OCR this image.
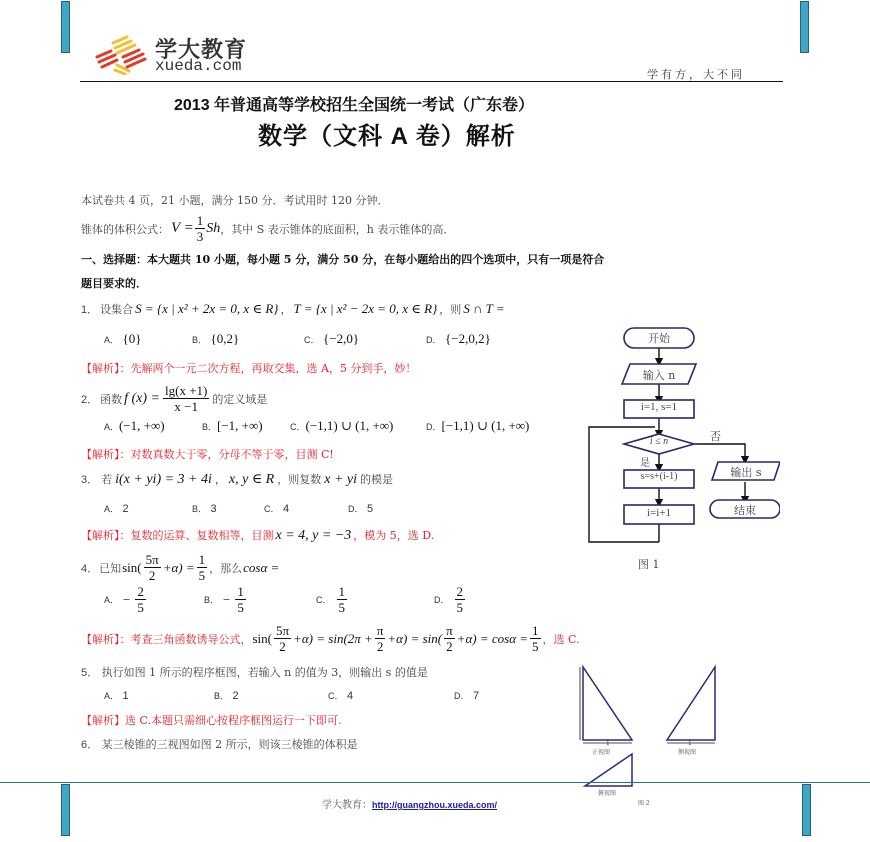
学大教育
xueda.com	学有方，大不同
2013 年普通高等学校招生全国统一考试（广东卷）
数学（文科 A 卷）解析
本试卷共 4 页，21 小题，满分 150 分．考试用时 120 分钟．
锥体的体积公式： $V = \frac{1}{3}$ Sh ，其中 S 表示锥体的底面积，h 表示锥体的高．
一、选择题：本大题共 10 小题，每小题 5 分，满分 50 分，在每小题给出的四个选项中，只有一项是符合
题目要求的．
1． 设集合 S = {x | x² + 2x = 0, x ∈ R} ， T = {x | x² − 2x = 0, x ∈ R} ，则 S ∩ T =
A． {0}	B． {0,2}	C． {−2,0}	D． {−2,0,2}
【解析】：先解两个一元二次方程，再取交集，选 A，5 分到手，妙！
2． 函数 f $(x) = \frac{\lg(x +1)}{x -1}$ 的定义域是
A．(−1, +∞)	B．[−1, +∞)	C．(−1,1) ∪ (1, +∞)	D．[−1,1) ∪ (1, +∞)
【解析】：对数真数大于零，分母不等于零，目测 C!
3． 若 i(x + yi) = 3 + 4i ， x, y ∈ R ，则复数 x + yi 的模是
A． 2	B． 3	C． 4	D． 5
【解析】：复数的运算、复数相等，目测 x = 4, y = −3 ，模为 5，选 D.
4． 已知 $\sin( \frac{5\pi}{2} +\alpha) = \frac{1}{5}$ ，那么 cosα =
A． − $\frac{2}{5}$	B． − $\frac{1}{5}$	C． $\frac{1}{5}$	D． $\frac{2}{5}$
【解析】：考查三角函数诱导公式， $\sin( \frac{5\pi}{2} +\alpha) = \sin(2\pi + \frac{\pi}{2} +\alpha) = \sin( \frac{\pi}{2} +\alpha) = \cos\alpha = \frac{1}{5}$ ，选 C.
5． 执行如图 1 所示的程序框图，若输入 n 的值为 3，则输出 s 的值是
A． 1	B． 2	C． 4	D． 7
【解析】选 C.本题只需细心按程序框图运行一下即可.
6． 某三棱锥的三视图如图 2 所示，则该三棱锥的体积是
开始
输入 n
i=1, s=1
i ≤ n	否
是
s=s+(i-1)
i=i+1
输出 s
结束
图 1
1	1
正视图	侧视图
俯视图
学大教育： http://guangzhou.xueda.com/	图 2
